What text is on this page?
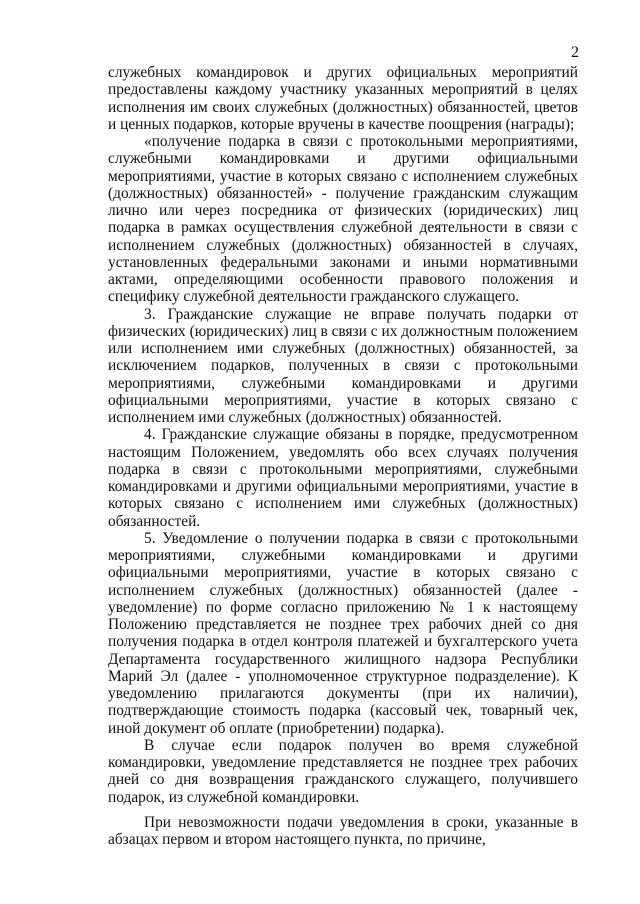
2

служебных командировок и других официальных мероприятий предоставлены каждому участнику указанных мероприятий в целях исполнения им своих служебных (должностных) обязанностей, цветов и ценных подарков, которые вручены в качестве поощрения (награды);

«получение подарка в связи с протокольными мероприятиями, служебными командировками и другими официальными мероприятиями, участие в которых связано с исполнением служебных (должностных) обязанностей» - получение гражданским служащим лично или через посредника от физических (юридических) лиц подарка в рамках осуществления служебной деятельности в связи с исполнением служебных (должностных) обязанностей в случаях, установленных федеральными законами и иными нормативными актами, определяющими особенности правового положения и специфику служебной деятельности гражданского служащего.

3. Гражданские служащие не вправе получать подарки от физических (юридических) лиц в связи с их должностным положением или исполнением ими служебных (должностных) обязанностей, за исключением подарков, полученных в связи с протокольными мероприятиями, служебными командировками и другими официальными мероприятиями, участие в которых связано с исполнением ими служебных (должностных) обязанностей.

4. Гражданские служащие обязаны в порядке, предусмотренном настоящим Положением, уведомлять обо всех случаях получения подарка в связи с протокольными мероприятиями, служебными командировками и другими официальными мероприятиями, участие в которых связано с исполнением ими служебных (должностных) обязанностей.

5. Уведомление о получении подарка в связи с протокольными мероприятиями, служебными командировками и другими официальными мероприятиями, участие в которых связано с исполнением служебных (должностных) обязанностей (далее - уведомление) по форме согласно приложению № 1 к настоящему Положению представляется не позднее трех рабочих дней со дня получения подарка в отдел контроля платежей и бухгалтерского учета Департамента государственного жилищного надзора Республики Марий Эл (далее - уполномоченное структурное подразделение). К уведомлению прилагаются документы (при их наличии), подтверждающие стоимость подарка (кассовый чек, товарный чек, иной документ об оплате (приобретении) подарка).

В случае если подарок получен во время служебной командировки, уведомление представляется не позднее трех рабочих дней со дня возвращения гражданского служащего, получившего подарок, из служебной командировки.

При невозможности подачи уведомления в сроки, указанные в абзацах первом и втором настоящего пункта, по причине,
